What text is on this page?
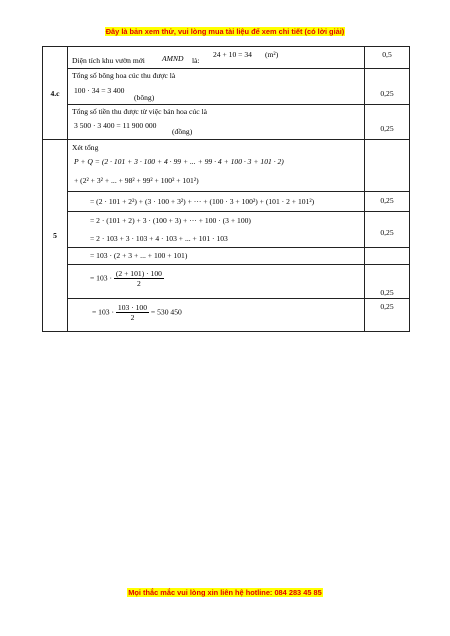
Đây là bản xem thử, vui lòng mua tài liệu để xem chi tiết (có lời giải)
4.c	Diện tích khu vườn mới AMND là:
24 + 10 = 34 (m²)	0,5

	Tổng số bông hoa cúc thu được là
100 · 34 = 3 400
(bông)	0,25

	Tổng số tiền thu được từ việc bán hoa cúc là
3 500 · 3 400 = 11 900 000
(đồng)	0,25

5	Xét tổng
P + Q = (2 · 101 + 3 · 100 + 4 · 99 + ... + 99 · 4 + 100 · 3 + 101 · 2)
+ (2² + 3² + ... + 98² + 99² + 100² + 101²)	

	= (2 · 101 + 2²) + (3 · 100 + 3²) + ··· + (100 · 3 + 100²) + (101 · 2 + 101²)	0,25

	= 2 · (101 + 2) + 3 · (100 + 3) + ··· + 100 · (3 + 100)
= 2 · 103 + 3 · 103 + 4 · 103 + ... + 101 · 103	0,25

	= 103 · (2 + 3 + ... + 100 + 101)	

	= $103 \cdot \frac{(2 + 101) \cdot 100}{2}$	0,25

	= $103 \cdot \frac{103 \cdot 100}{2} = 530$ 450	0,25
Mọi thắc mắc vui lòng xin liên hệ hotline: 084 283 45 85
